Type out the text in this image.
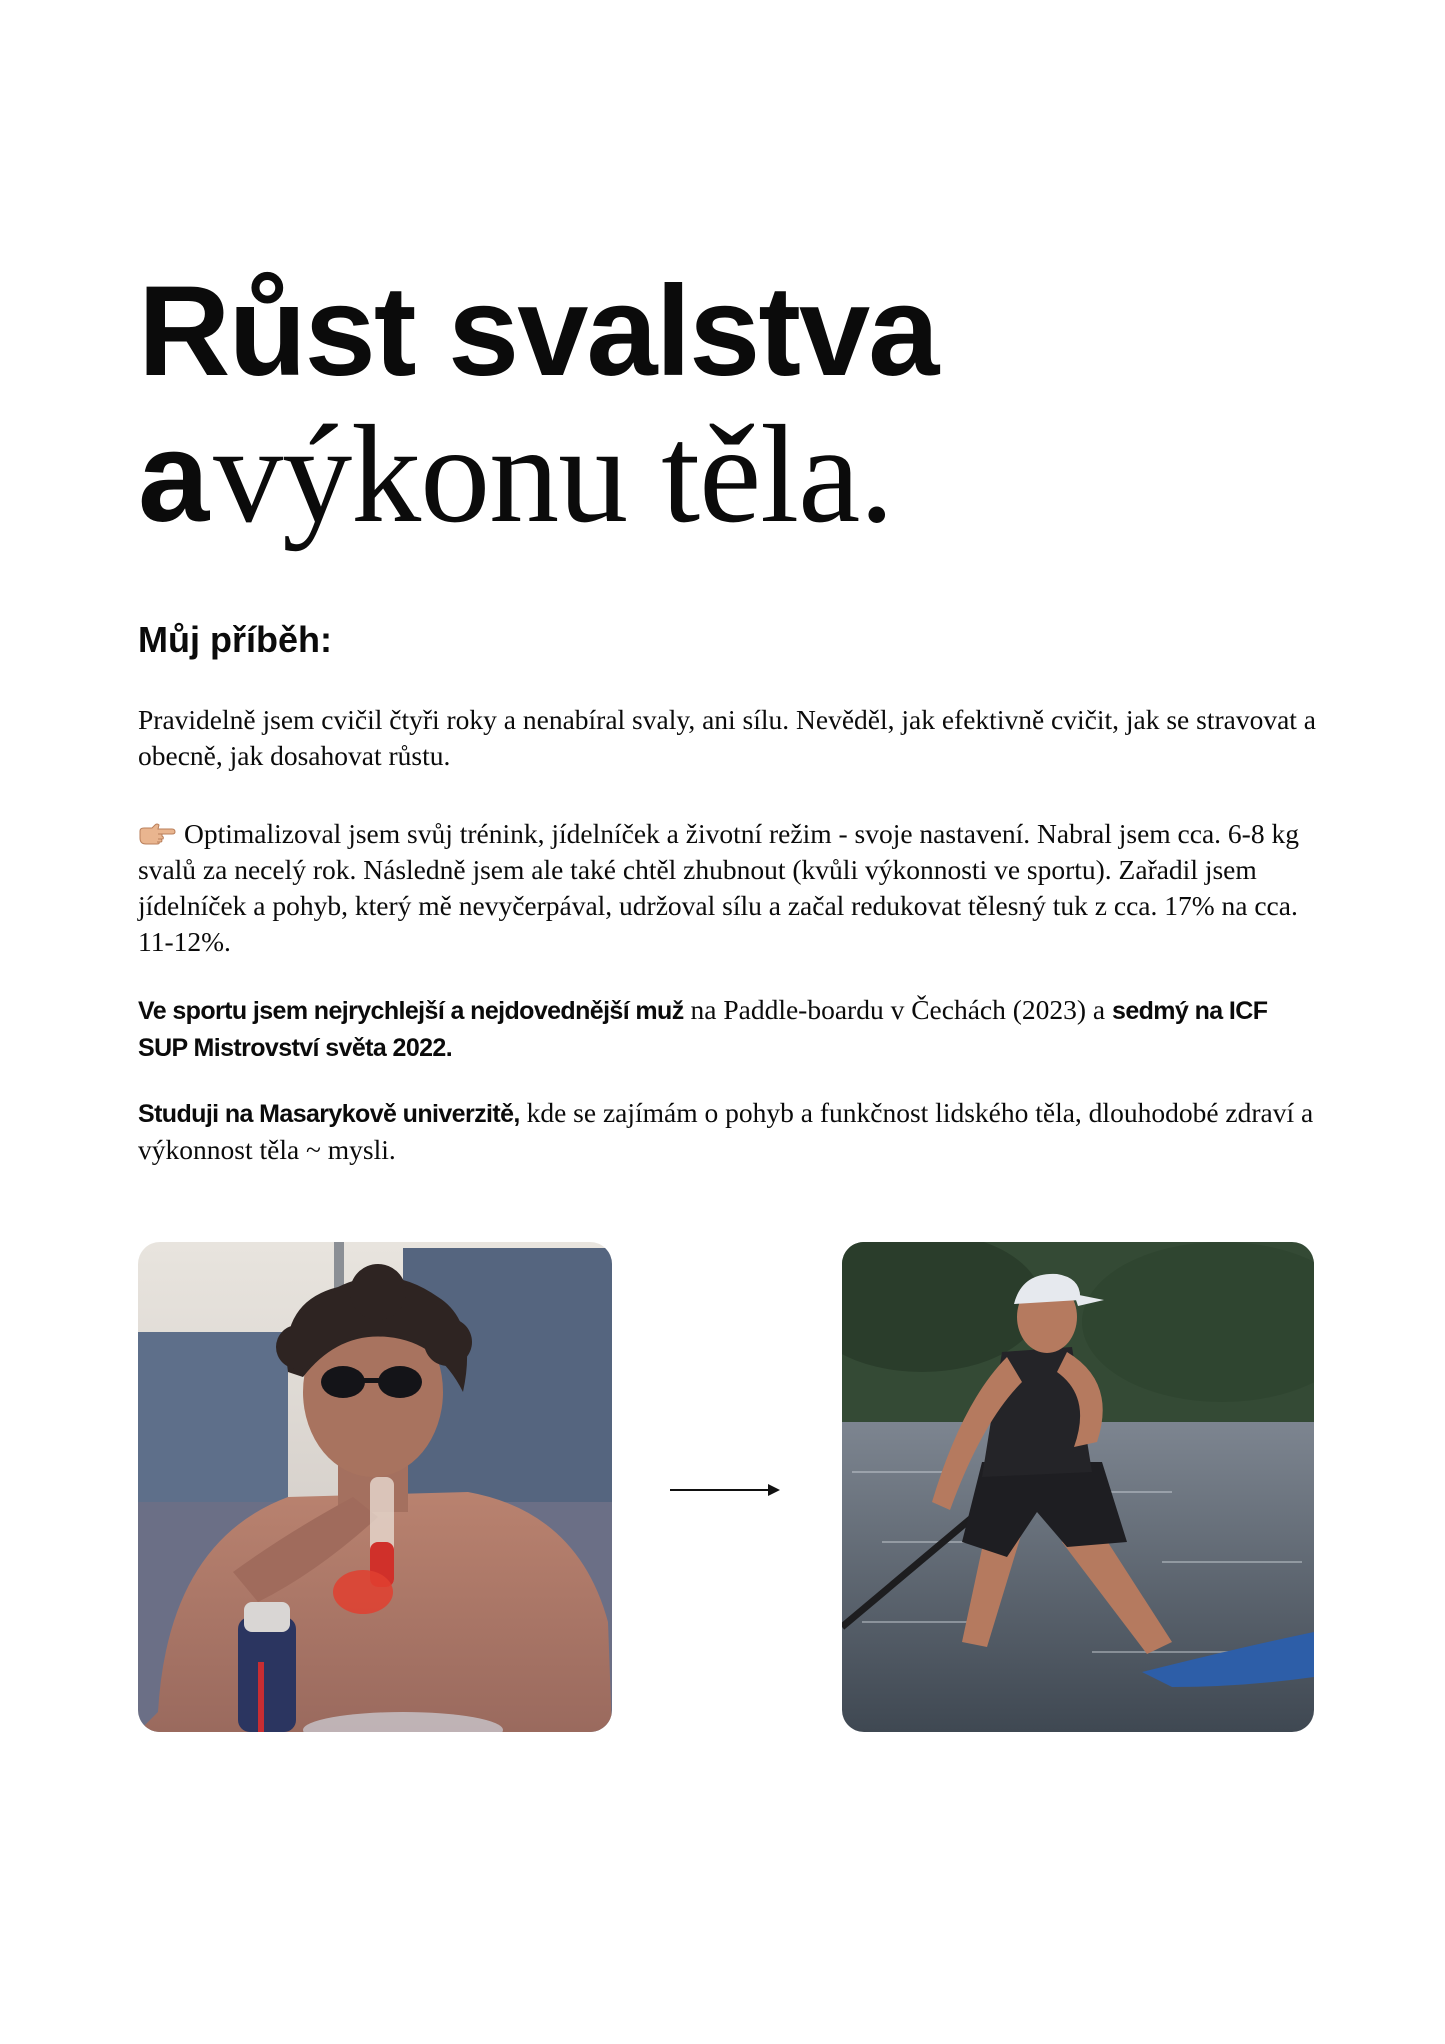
Růst svalstva
a výkonu těla.
Můj příběh:
Pravidelně jsem cvičil čtyři roky a nenabíral svaly, ani sílu. Nevěděl, jak efektivně cvičit, jak se stravovat a obecně, jak dosahovat růstu.
Optimalizoval jsem svůj trénink, jídelníček a životní režim - svoje nastavení. Nabral jsem cca. 6-8 kg svalů za necelý rok. Následně jsem ale také chtěl zhubnout (kvůli výkonnosti ve sportu). Zařadil jsem jídelníček a pohyb, který mě nevyčerpával, udržoval sílu a začal redukovat tělesný tuk z cca. 17% na cca. 11-12%.
Ve sportu jsem nejrychlejší a nejdovednější muž na Paddle-boardu v Čechách (2023) a sedmý na ICF SUP Mistrovství světa 2022.
Studuji na Masarykově univerzitě, kde se zajímám o pohyb a funkčnost lidského těla, dlouhodobé zdraví a výkonnost těla ~ mysli.
